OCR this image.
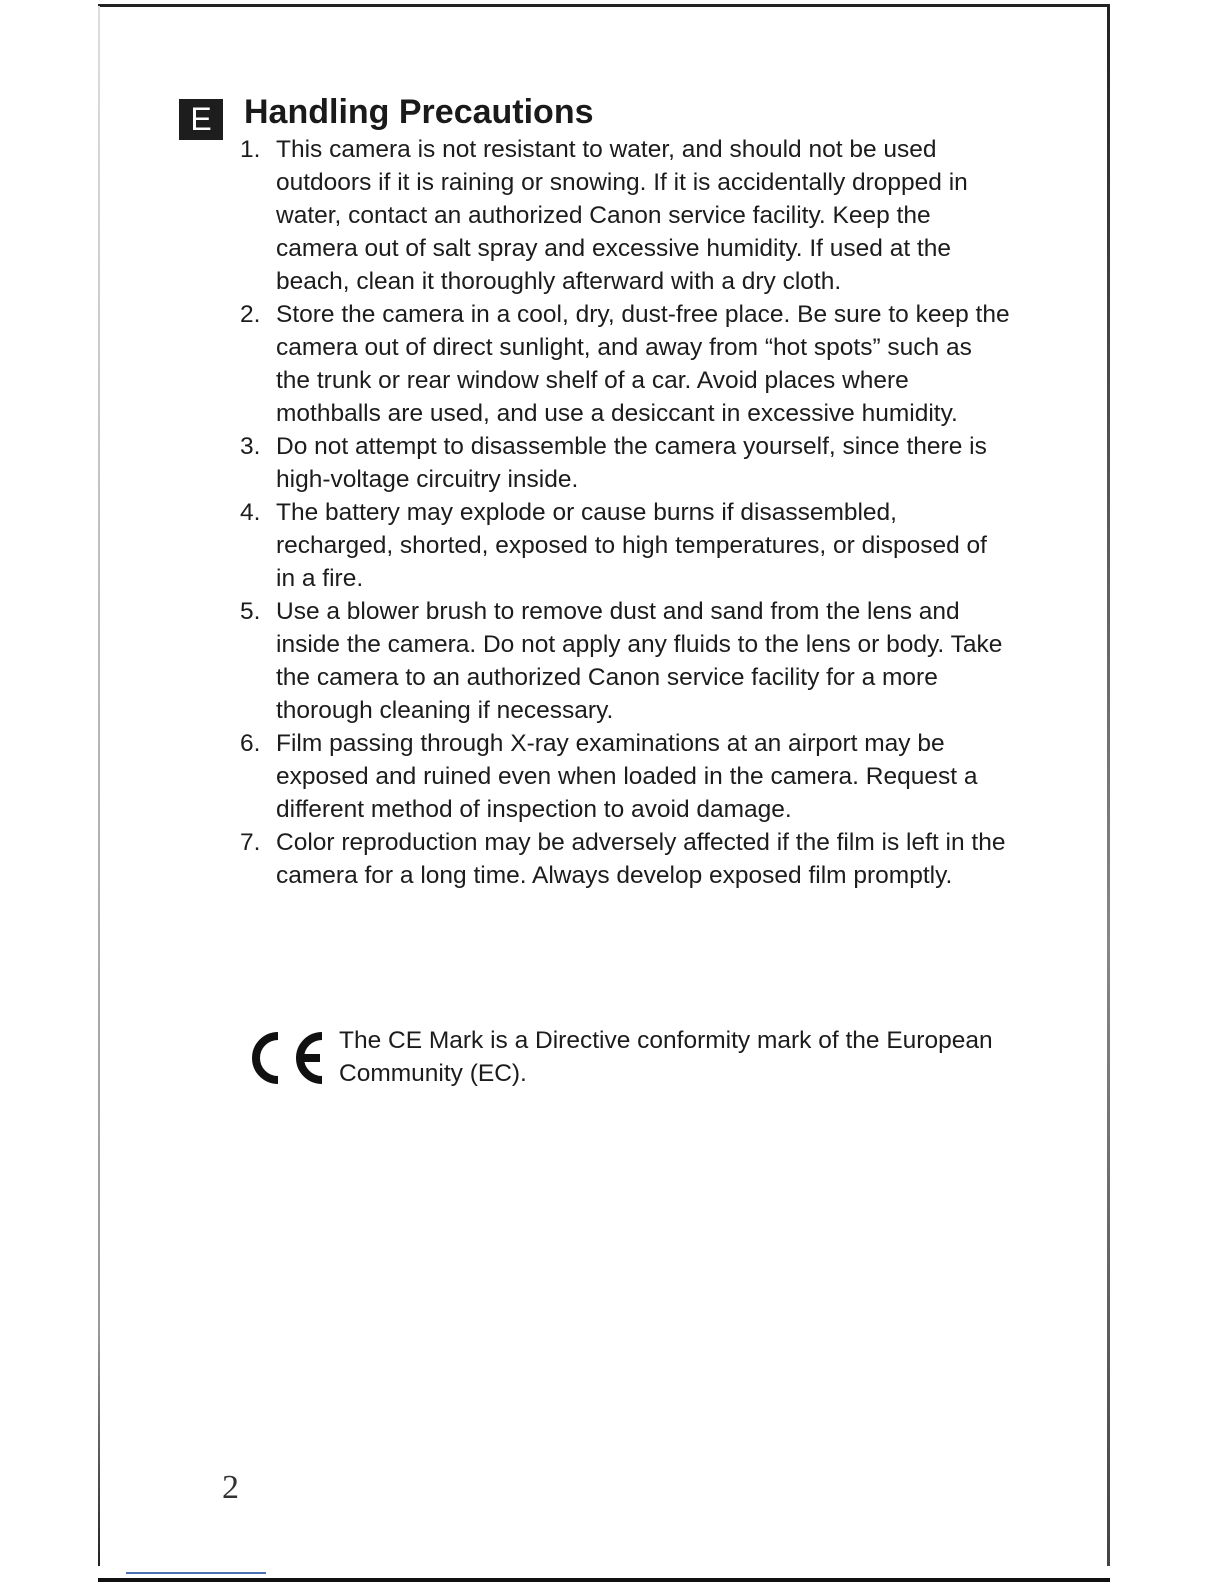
E Handling Precautions
1. This camera is not resistant to water, and should not be used outdoors if it is raining or snowing. If it is accidentally dropped in water, contact an authorized Canon service facility. Keep the camera out of salt spray and excessive humidity. If used at the beach, clean it thoroughly afterward with a dry cloth.
2. Store the camera in a cool, dry, dust-free place. Be sure to keep the camera out of direct sunlight, and away from “hot spots” such as the trunk or rear window shelf of a car. Avoid places where mothballs are used, and use a desiccant in excessive humidity.
3. Do not attempt to disassemble the camera yourself, since there is high-voltage circuitry inside.
4. The battery may explode or cause burns if disassembled, recharged, shorted, exposed to high temperatures, or disposed of in a fire.
5. Use a blower brush to remove dust and sand from the lens and inside the camera. Do not apply any fluids to the lens or body. Take the camera to an authorized Canon service facility for a more thorough cleaning if necessary.
6. Film passing through X-ray examinations at an airport may be exposed and ruined even when loaded in the camera. Request a different method of inspection to avoid damage.
7. Color reproduction may be adversely affected if the film is left in the camera for a long time. Always develop exposed film promptly.
The CE Mark is a Directive conformity mark of the European Community (EC).
2
